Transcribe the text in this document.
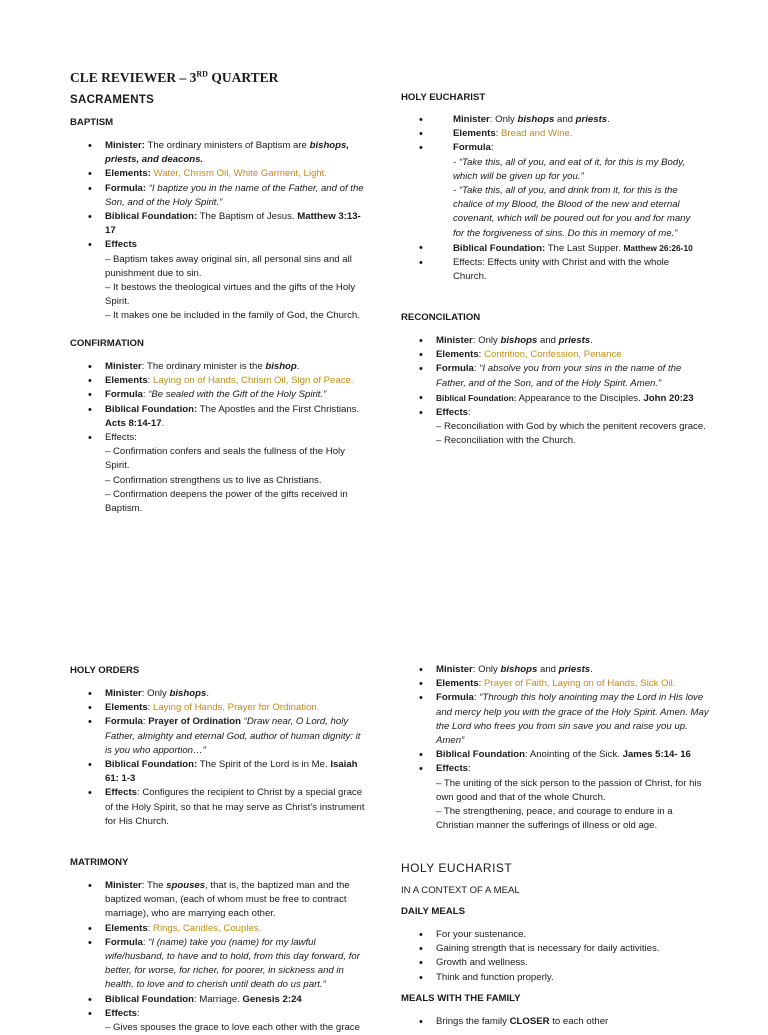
CLE REVIEWER – 3RD QUARTER
SACRAMENTS
BAPTISM
• Minister: The ordinary ministers of Baptism are bishops, priests, and deacons.
• Elements: Water, Chrism Oil, White Garment, Light.
• Formula: “I baptize you in the name of the Father, and of the Son, and of the Holy Spirit.”
• Biblical Foundation: The Baptism of Jesus. Matthew 3:13-17
• Effects
– Baptism takes away original sin, all personal sins and all punishment due to sin.
– It bestows the theological virtues and the gifts of the Holy Spirit.
– It makes one be included in the family of God, the Church.
CONFIRMATION
• Minister: The ordinary minister is the bishop.
• Elements: Laying on of Hands, Chrism Oil, Sign of Peace.
• Formula: “Be sealed with the Gift of the Holy Spirit.”
• Biblical Foundation: The Apostles and the First Christians. Acts 8:14-17.
• Effects:
– Confirmation confers and seals the fullness of the Holy Spirit.
– Confirmation strengthens us to live as Christians.
– Confirmation deepens the power of the gifts received in Baptism.
HOLY ORDERS
• Minister: Only bishops.
• Elements: Laying of Hands, Prayer for Ordination.
• Formula: Prayer of Ordination “Draw near, O Lord, holy Father, almighty and eternal God, author of human dignity: it is you who apportion…”
• Biblical Foundation: The Spirit of the Lord is in Me. Isaiah 61: 1-3
• Effects: Configures the recipient to Christ by a special grace of the Holy Spirit, so that he may serve as Christ’s instrument for His Church.
MATRIMONY
• Minister: The spouses, that is, the baptized man and the baptized woman, (each of whom must be free to contract marriage), who are marrying each other.
• Elements: Rings, Candles, Couples.
• Formula: “I (name) take you (name) for my lawful wife/husband, to have and to hold, from this day forward, for better, for worse, for richer, for poorer, in sickness and in health, to love and to cherish until death do us part.”
• Biblical Foundation: Marriage. Genesis 2:24
• Effects:
– Gives spouses the grace to love each other with the grace
HOLY EUCHARIST
• Minister: Only bishops and priests.
• Elements: Bread and Wine.
• Formula:
- “Take this, all of you, and eat of it, for this is my Body, which will be given up for you.”
- “Take this, all of you, and drink from it, for this is the chalice of my Blood, the Blood of the new and eternal covenant, which will be poured out for you and for many for the forgiveness of sins. Do this in memory of me.”
• Biblical Foundation: The Last Supper. Matthew 26:26-10
• Effects: Effects unity with Christ and with the whole Church.
RECONCILATION
• Minister: Only bishops and priests.
• Elements: Contrition, Confession, Penance
• Formula: “I absolve you from your sins in the name of the Father, and of the Son, and of the Holy Spirit. Amen.”
• Biblical Foundation: Appearance to the Disciples. John 20:23
• Effects:
– Reconciliation with God by which the penitent recovers grace.
– Reconciliation with the Church.
• Minister: Only bishops and priests.
• Elements: Prayer of Faith, Laying on of Hands, Sick Oil.
• Formula: “Through this holy anointing may the Lord in His love and mercy help you with the grace of the Holy Spirit. Amen. May the Lord who frees you from sin save you and raise you up. Amen”
• Biblical Foundation: Anointing of the Sick. James 5:14- 16
• Effects:
– The uniting of the sick person to the passion of Christ, for his own good and that of the whole Church.
– The strengthening, peace, and courage to endure in a Christian manner the sufferings of illness or old age.
HOLY EUCHARIST
IN A CONTEXT OF A MEAL
DAILY MEALS
• For your sustenance.
• Gaining strength that is necessary for daily activities.
• Growth and wellness.
• Think and function properly.
MEALS WITH THE FAMILY
• Brings the family CLOSER to each other
